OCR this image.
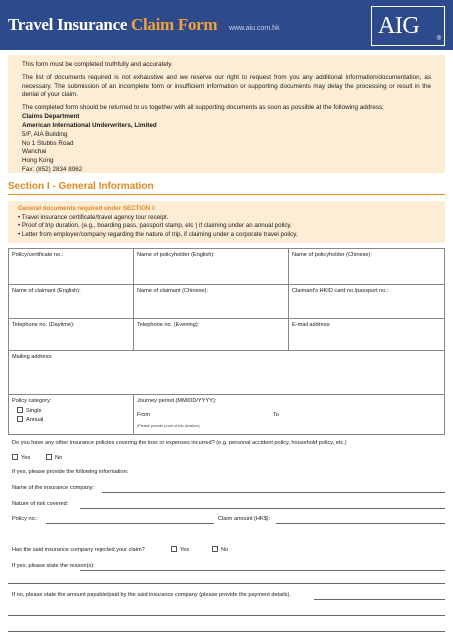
Travel Insurance Claim Form www.aiu.com.hk	AIG	®

This form must be completed truthfully and accurately.

The list of documents required is not exhaustive and we reserve our right to request from you any additional information/documentation, as necessary. The submission of an incomplete form or insufficient information or supporting documents may delay the processing or result in the denial of your claim.

The completed form should be returned to us together with all supporting documents as soon as possible at the following address:

Claims Department
American International Underwriters, Limited
5/F, AIA Building
No 1 Stubbs Road
Wanchai
Hong Kong
Fax: (852) 2834 8962
Section I - General Information
General documents required under SECTION I:
• Travel insurance certificate/travel agency tour receipt.
• Proof of trip duration, (e.g., boarding pass, passport stamp, etc ) if claiming under an annual policy.
• Letter from employer/company regarding the nature of trip, if claiming under a corporate travel policy.
Policy/certificate no.:	Name of policyholder (English):	Name of policyholder (Chinese):
Name of claimant (English):	Name of claimant (Chinese):	Claimant's HKID card no./passport no.:
Telephone no. (Daytime):	Telephone no. (Evening):	E-mail address:
Mailing address:
Policy category:
Single
Annual
Journey period (MM/DD/YYYY):
From	To
(Please provide proof of trip duration)
Do you have any other insurance policies covering the loss or expenses incurred? (e.g. personal accident policy, household policy, etc.)
Yes	No
If yes, please provide the following information:
Name of the insurance company:
Nature of risk covered:
Policy no.:	Claim amount (HK$):
Has the said insurance company rejected your claim?	Yes	No
If yes, please state the reason(s):
If no, please state the amount payable/paid by the said insurance company (please provide the payment details).
